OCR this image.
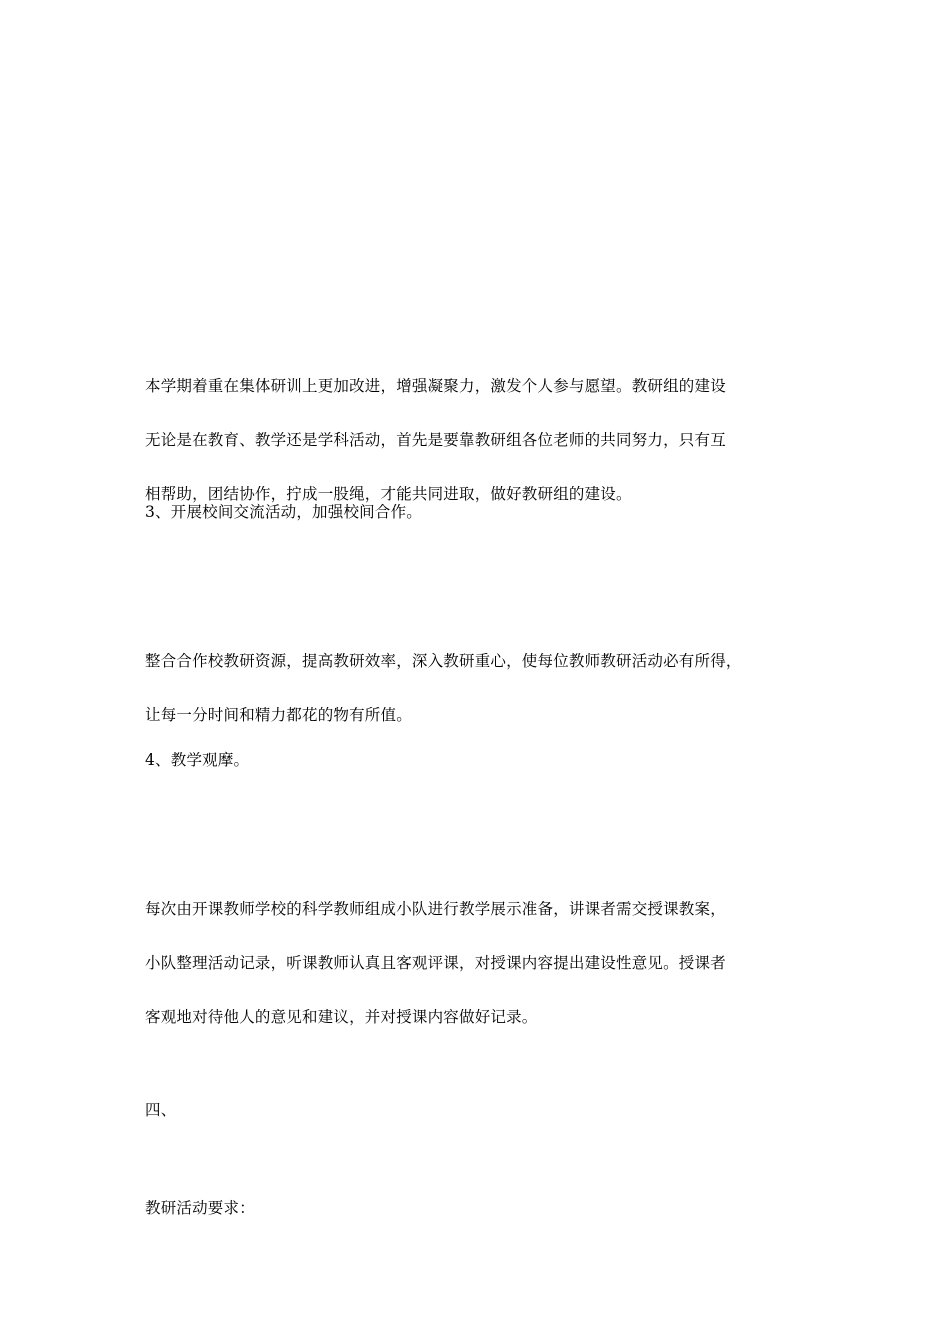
本学期着重在集体研训上更加改进，增强凝聚力，激发个人参与愿望。教研组的建设

无论是在教育、教学还是学科活动，首先是要靠教研组各位老师的共同努力，只有互

相帮助，团结协作，拧成一股绳，才能共同进取，做好教研组的建设。

3、开展校间交流活动，加强校间合作。

整合合作校教研资源，提高教研效率，深入教研重心，使每位教师教研活动必有所得，

让每一分时间和精力都花的物有所值。

4、教学观摩。

每次由开课教师学校的科学教师组成小队进行教学展示准备，讲课者需交授课教案，

小队整理活动记录，听课教师认真且客观评课，对授课内容提出建设性意见。授课者

客观地对待他人的意见和建议，并对授课内容做好记录。

四、

教研活动要求：
